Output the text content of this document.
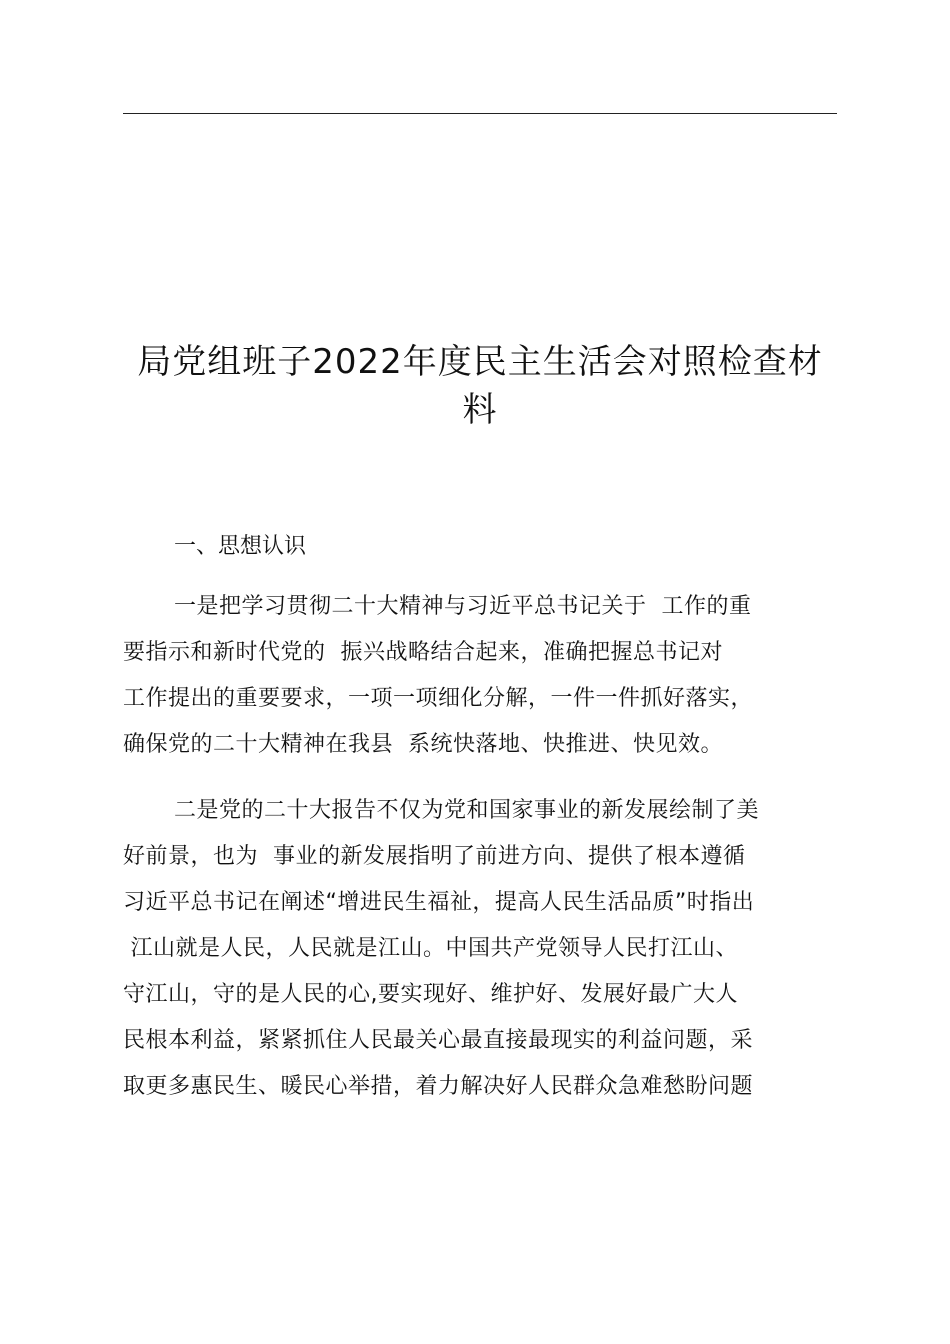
局党组班子2022年度民主生活会对照检查材
料

一、思想认识

一是把学习贯彻二十大精神与习近平总书记关于  工作的重
要指示和新时代党的  振兴战略结合起来，准确把握总书记对
工作提出的重要要求，一项一项细化分解，一件一件抓好落实，
确保党的二十大精神在我县  系统快落地、快推进、快见效。

二是党的二十大报告不仅为党和国家事业的新发展绘制了美
好前景，也为  事业的新发展指明了前进方向、提供了根本遵循
习近平总书记在阐述“增进民生福祉，提高人民生活品质”时指出
江山就是人民，人民就是江山。中国共产党领导人民打江山、
守江山，守的是人民的心,要实现好、维护好、发展好最广大人
民根本利益，紧紧抓住人民最关心最直接最现实的利益问题，采
取更多惠民生、暖民心举措，着力解决好人民群众急难愁盼问题
